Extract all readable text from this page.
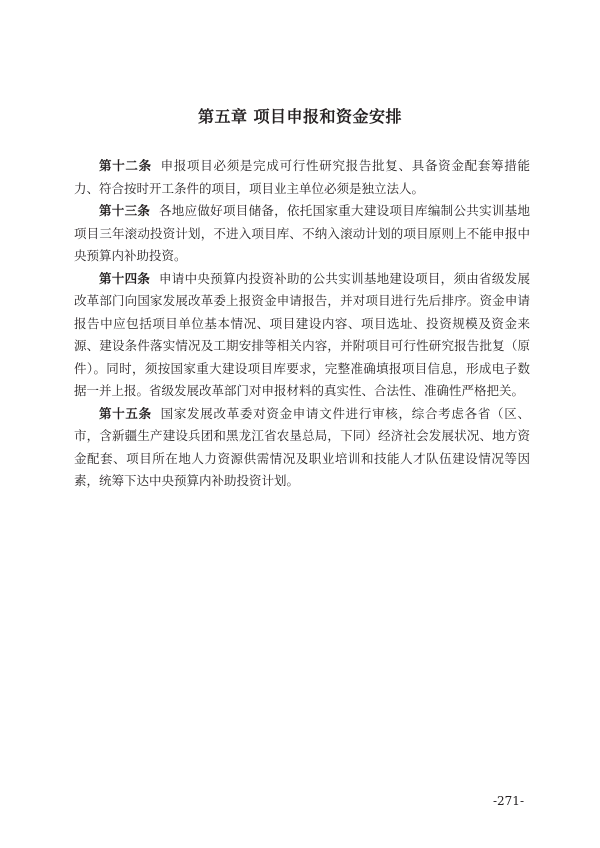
第五章 项目申报和资金安排

第十二条 申报项目必须是完成可行性研究报告批复、具备资金配套筹措能力、符合按时开工条件的项目，项目业主单位必须是独立法人。

第十三条 各地应做好项目储备，依托国家重大建设项目库编制公共实训基地项目三年滚动投资计划，不进入项目库、不纳入滚动计划的项目原则上不能申报中央预算内补助投资。

第十四条 申请中央预算内投资补助的公共实训基地建设项目，须由省级发展改革部门向国家发展改革委上报资金申请报告，并对项目进行先后排序。资金申请报告中应包括项目单位基本情况、项目建设内容、项目选址、投资规模及资金来源、建设条件落实情况及工期安排等相关内容，并附项目可行性研究报告批复（原件）。同时，须按国家重大建设项目库要求，完整准确填报项目信息，形成电子数据一并上报。省级发展改革部门对申报材料的真实性、合法性、准确性严格把关。

第十五条 国家发展改革委对资金申请文件进行审核，综合考虑各省（区、市，含新疆生产建设兵团和黑龙江省农垦总局，下同）经济社会发展状况、地方资金配套、项目所在地人力资源供需情况及职业培训和技能人才队伍建设情况等因素，统筹下达中央预算内补助投资计划。

-271-
